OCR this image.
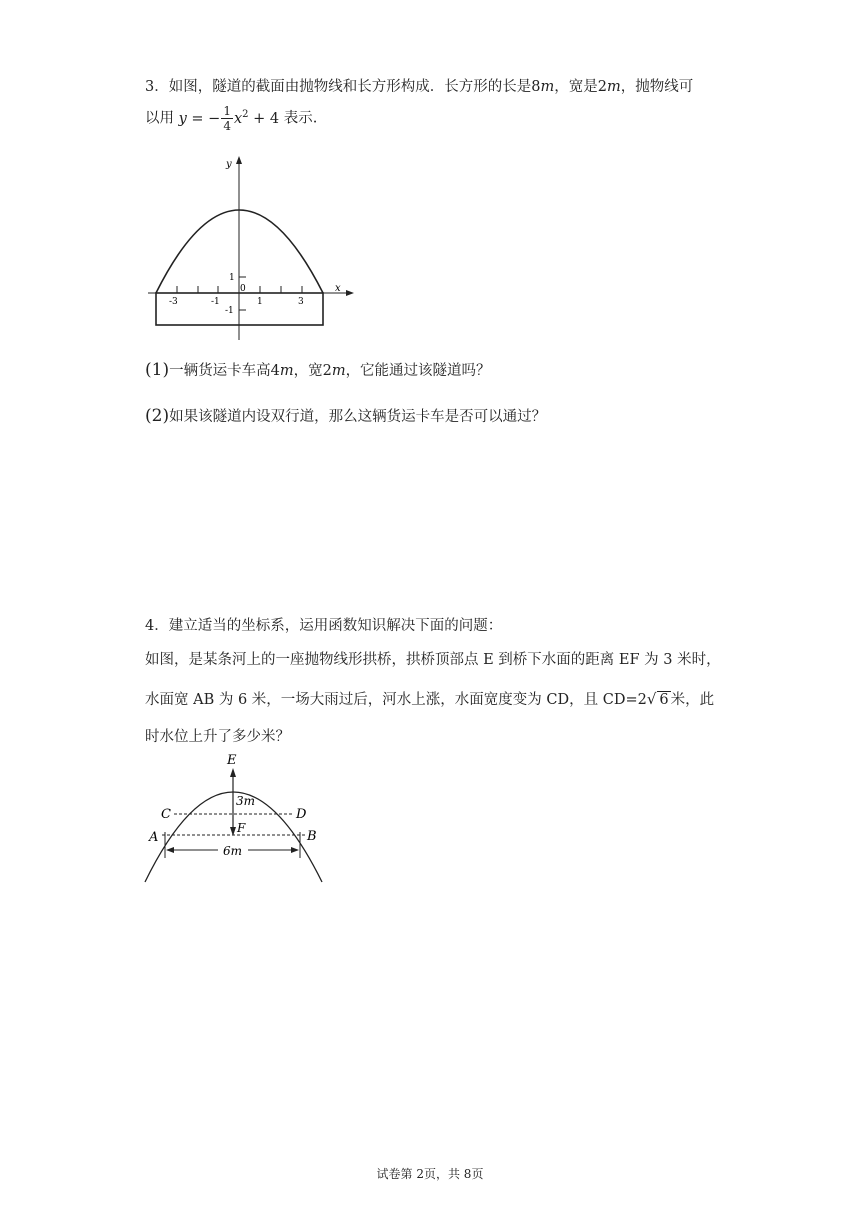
3．如图，隧道的截面由抛物线和长方形构成．长方形的长是8m，宽是2m，抛物线可
以用 y = − $\frac{1}{4} x^2 + 4$ 表示.
y
x
-3	-1
0
1	3
1
-1
(1)一辆货运卡车高4m，宽2m，它能通过该隧道吗？
(2)如果该隧道内设双行道，那么这辆货运卡车是否可以通过？
4．建立适当的坐标系，运用函数知识解决下面的问题：
如图，是某条河上的一座抛物线形拱桥，拱桥顶部点 E 到桥下水面的距离 EF 为 3 米时，
水面宽 AB 为 6 米，一场大雨过后，河水上涨，水面宽度变为 CD，且 CD=2√ 6 米，此
时水位上升了多少米？
E
C	D
A	B
F
3m
6m
试卷第 2页，共 8页
